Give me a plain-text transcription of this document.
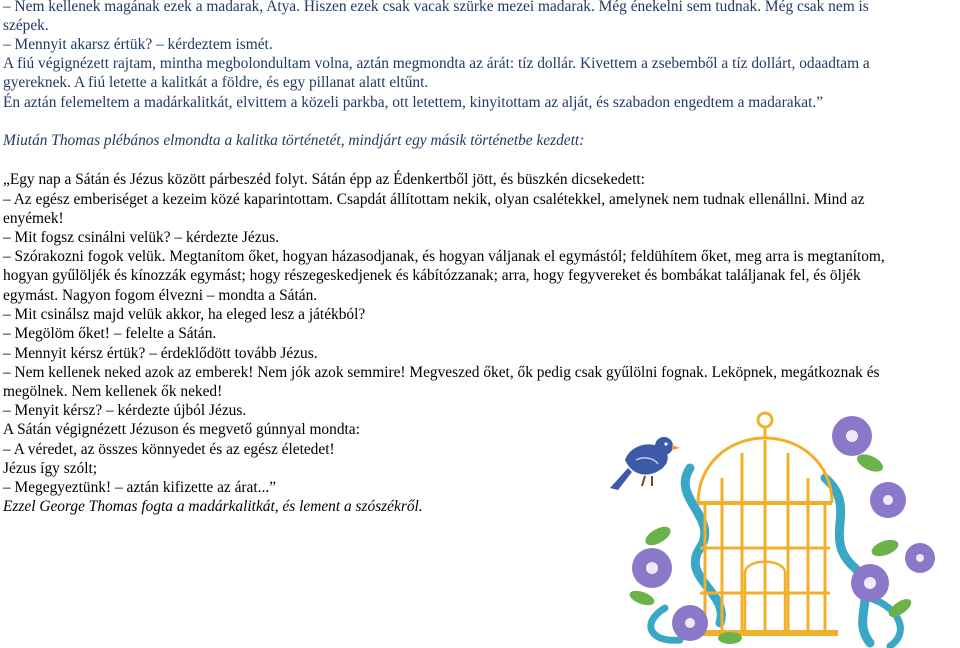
– Nem kellenek magának ezek a madarak, Atya. Hiszen ezek csak vacak szürke mezei madarak. Még énekelni sem tudnak. Még csak nem is
szépek.
– Mennyit akarsz értük? – kérdeztem ismét.
A fiú végignézett rajtam, mintha megbolondultam volna, aztán megmondta az árát: tíz dollár. Kivettem a zsebemből a tíz dollárt, odaadtam a
gyereknek. A fiú letette a kalitkát a földre, és egy pillanat alatt eltűnt.
Én aztán felemeltem a madárkalitkát, elvittem a közeli parkba, ott letettem, kinyitottam az alját, és szabadon engedtem a madarakat.”
Miután Thomas plébános elmondta a kalitka történetét, mindjárt egy másik történetbe kezdett:
„Egy nap a Sátán és Jézus között párbeszéd folyt. Sátán épp az Édenkertből jött, és büszkén dicsekedett:
– Az egész emberiséget a kezeim közé kaparintottam. Csapdát állítottam nekik, olyan csalétekkel, amelynek nem tudnak ellenállni. Mind az
enyémek!
– Mit fogsz csinálni velük? – kérdezte Jézus.
– Szórakozni fogok velük. Megtanítom őket, hogyan házasodjanak, és hogyan váljanak el egymástól; feldühítem őket, meg arra is megtanítom,
hogyan gyűlöljék és kínozzák egymást; hogy részegeskedjenek és kábítózzanak; arra, hogy fegyvereket és bombákat találjanak fel, és öljék
egymást. Nagyon fogom élvezni – mondta a Sátán.
– Mit csinálsz majd velük akkor, ha eleged lesz a játékból?
– Megölöm őket! – felelte a Sátán.
– Mennyit kérsz értük? – érdeklődött tovább Jézus.
– Nem kellenek neked azok az emberek! Nem jók azok semmire! Megveszed őket, ők pedig csak gyűlölni fognak. Leköpnek, megátkoznak és
megölnek. Nem kellenek ők neked!
– Menyit kérsz? – kérdezte újból Jézus.
A Sátán végignézett Jézuson és megvető gúnnyal mondta:
– A véredet, az összes könnyedet és az egész életedet!
Jézus így szólt;
– Megegyeztünk! – aztán kifizette az árat...”
Ezzel George Thomas fogta a madárkalitkát, és lement a szószékről.
